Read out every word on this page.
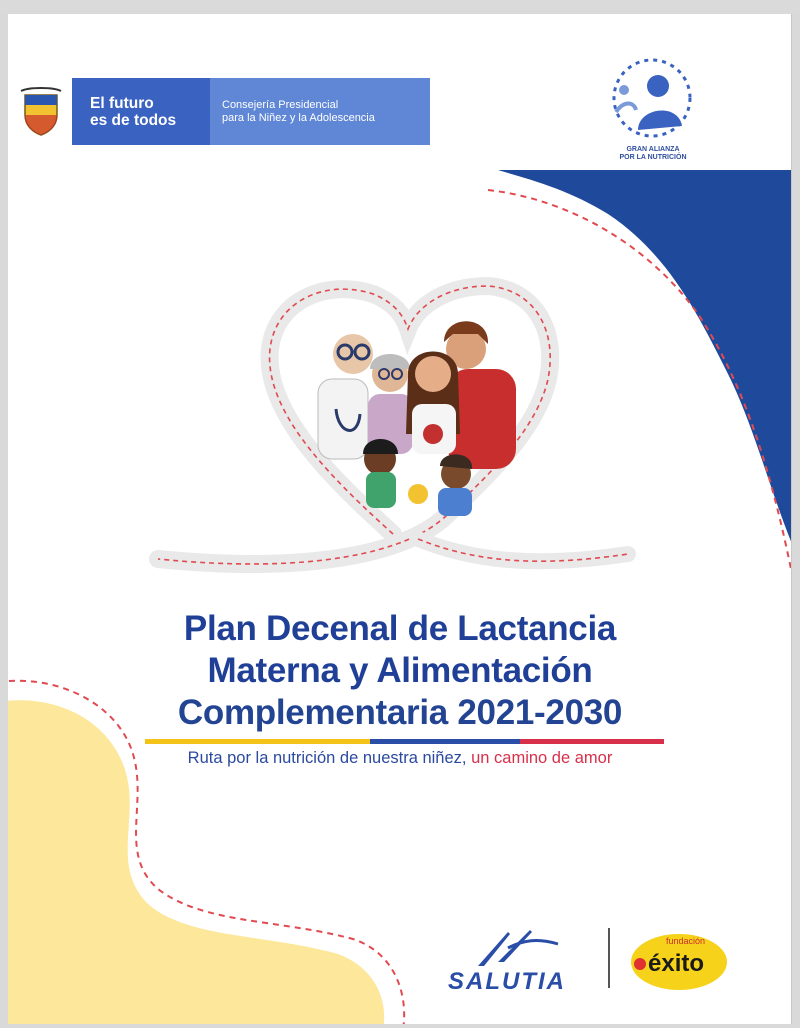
El futuro
es de todos
Consejería Presidencial
para la Niñez y la Adolescencia
GRAN ALIANZA
POR LA NUTRICIÓN
Plan Decenal de Lactancia
Materna y Alimentación
Complementaria 2021-2030
Ruta por la nutrición de nuestra niñez, un camino de amor
SALUTIA
fundación
éxito
